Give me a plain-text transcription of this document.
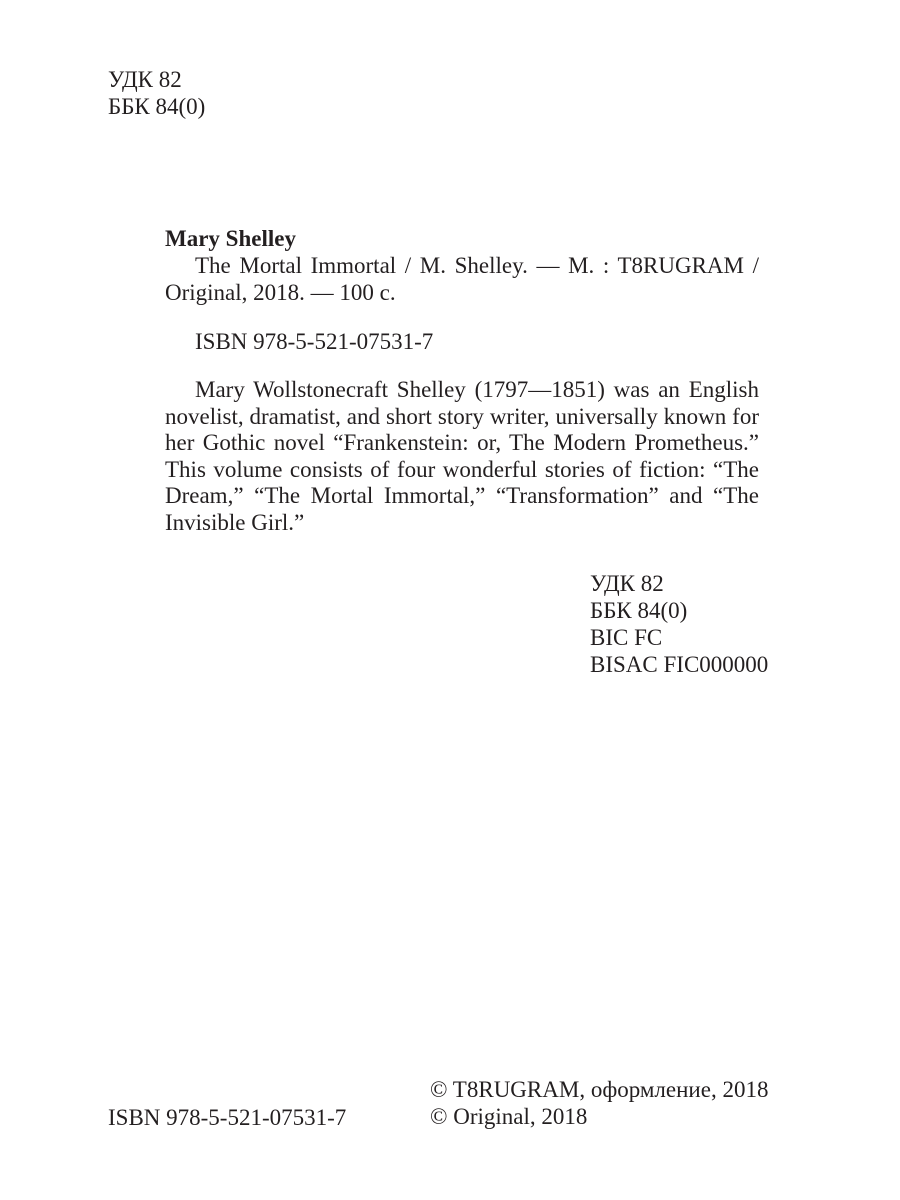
УДК 82
ББК 84(0)
Mary Shelley
The Mortal Immortal / M. Shelley. — M. : T8RUGRAM / Original, 2018. — 100 c.
ISBN 978-5-521-07531-7
Mary Wollstonecraft Shelley (1797—1851) was an English novelist, dramatist, and short story writer, universally known for her Gothic novel “Frankenstein: or, The Modern Prometheus.” This volume consists of four wonderful stories of fiction: “The Dream,” “The Mortal Immortal,” “Transformation” and “The Invisible Girl.”
УДК 82
ББК 84(0)
BIC FC
BISAC FIC000000
ISBN 978-5-521-07531-7
© T8RUGRAM, оформление, 2018
© Original, 2018
